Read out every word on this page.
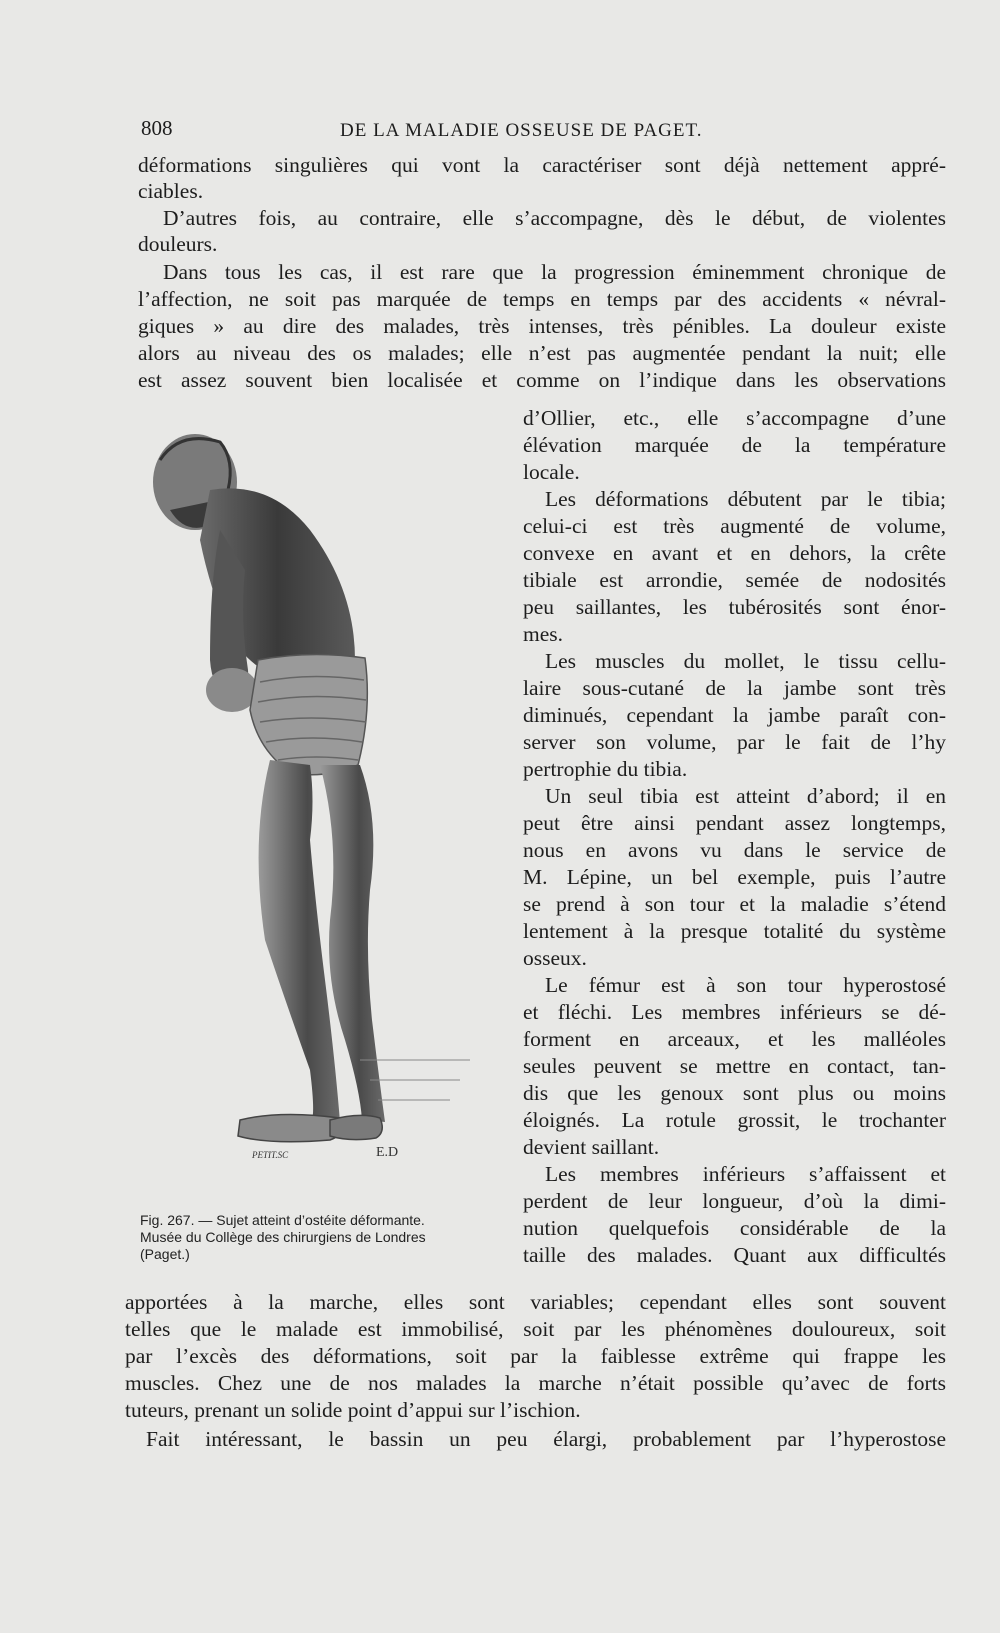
808	DE LA MALADIE OSSEUSE DE PAGET.
déformations singulières qui vont la caractériser sont déjà nettement appré-
ciables.
D’autres fois, au contraire, elle s’accompagne, dès le début, de violentes
douleurs.
Dans tous les cas, il est rare que la progression éminemment chronique de
l’affection, ne soit pas marquée de temps en temps par des accidents « névral-
giques » au dire des malades, très intenses, très pénibles. La douleur existe
alors au niveau des os malades; elle n’est pas augmentée pendant la nuit; elle
est assez souvent bien localisée et comme on l’indique dans les observations
d’Ollier, etc., elle s’accompagne d’une
élévation marquée de la température
locale.
Les déformations débutent par le tibia;
celui-ci est très augmenté de volume,
convexe en avant et en dehors, la crête
tibiale est arrondie, semée de nodosités
peu saillantes, les tubérosités sont énor-
mes.
Les muscles du mollet, le tissu cellu-
laire sous-cutané de la jambe sont très
diminués, cependant la jambe paraît con-
server son volume, par le fait de l’hy
pertrophie du tibia.
Un seul tibia est atteint d’abord; il en
peut être ainsi pendant assez longtemps,
nous en avons vu dans le service de
M. Lépine, un bel exemple, puis l’autre
se prend à son tour et la maladie s’étend
lentement à la presque totalité du système
osseux.
Le fémur est à son tour hyperostosé
et fléchi. Les membres inférieurs se dé-
forment en arceaux, et les malléoles
seules peuvent se mettre en contact, tan-
dis que les genoux sont plus ou moins
éloignés. La rotule grossit, le trochanter
devient saillant.
Les membres inférieurs s’affaissent et
perdent de leur longueur, d’où la dimi-
nution quelquefois considérable de la
taille des malades. Quant aux difficultés
apportées à la marche, elles sont variables; cependant elles sont souvent
telles que le malade est immobilisé, soit par les phénomènes douloureux, soit
par l’excès des déformations, soit par la faiblesse extrême qui frappe les
muscles. Chez une de nos malades la marche n’était possible qu’avec de forts
tuteurs, prenant un solide point d’appui sur l’ischion.
Fait intéressant, le bassin un peu élargi, probablement par l’hyperostose
Fig. 267. — Sujet atteint d’ostéite déformante.
Musée du Collège des chirurgiens de Londres
(Paget.)
PETIT.SC	E.D
